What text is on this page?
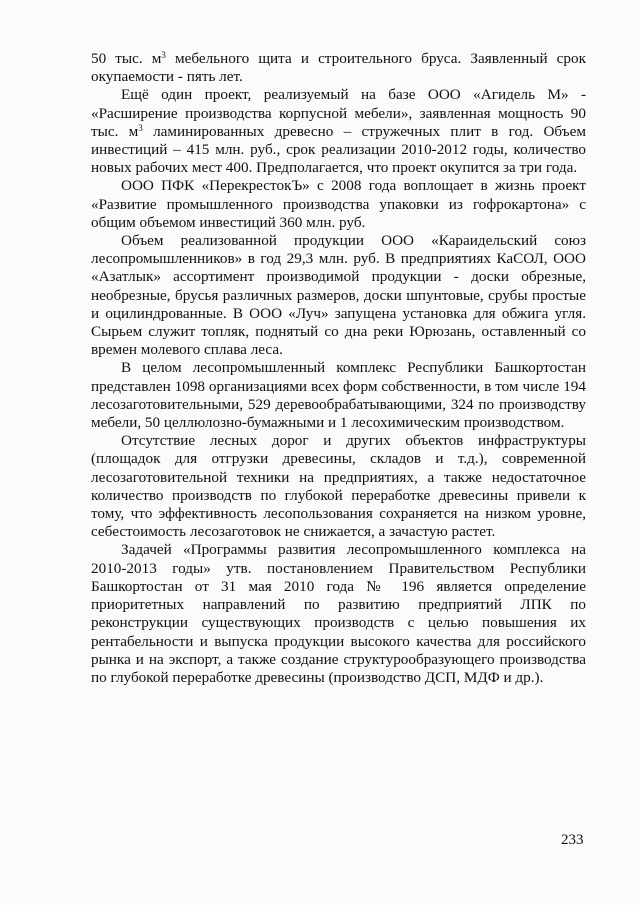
50 тыс. $м^3$ мебельного щита и строительного бруса. Заявленный срок окупаемости - пять лет.

Ещё один проект, реализуемый на базе ООО «Агидель М» - «Расширение производства корпусной мебели», заявленная мощность 90 тыс. $м^3$ ламинированных древесно – стружечных плит в год. Объем инвестиций – 415 млн. руб., срок реализации 2010-2012 годы, количество новых рабочих мест 400. Предполагается, что проект окупится за три года.

ООО ПФК «ПерекрестокЪ» с 2008 года воплощает в жизнь проект «Развитие промышленного производства упаковки из гофрокартона» с общим объемом инвестиций 360 млн. руб.

Объем реализованной продукции ООО «Караидельский союз лесопромышленников» в год 29,3 млн. руб. В предприятиях КаСОЛ, ООО «Азатлык» ассортимент производимой продукции - доски обрезные, необрезные, брусья различных размеров, доски шпунтовые, срубы простые и оцилиндрованные. В ООО «Луч» запущена установка для обжига угля. Сырьем служит топляк, поднятый со дна реки Юрюзань, оставленный со времен молевого сплава леса.

В целом лесопромышленный комплекс Республики Башкортостан представлен 1098 организациями всех форм собственности, в том числе 194 лесозаготовительными, 529 деревообрабатывающими, 324 по производству мебели, 50 целлюлозно-бумажными и 1 лесохимическим производством.

Отсутствие лесных дорог и других объектов инфраструктуры (площадок для отгрузки древесины, складов и т.д.), современной лесозаготовительной техники на предприятиях, а также недостаточное количество производств по глубокой переработке древесины привели к тому, что эффективность лесопользования сохраняется на низком уровне, себестоимость лесозаготовок не снижается, а зачастую растет.

Задачей «Программы развития лесопромышленного комплекса на 2010-2013 годы» утв. постановлением Правительством Республики Башкортостан от 31 мая 2010 года № 196 является определение приоритетных направлений по развитию предприятий ЛПК по реконструкции существующих производств с целью повышения их рентабельности и выпуска продукции высокого качества для российского рынка и на экспорт, а также создание структурообразующего производства по глубокой переработке древесины (производство ДСП, МДФ и др.).

233
